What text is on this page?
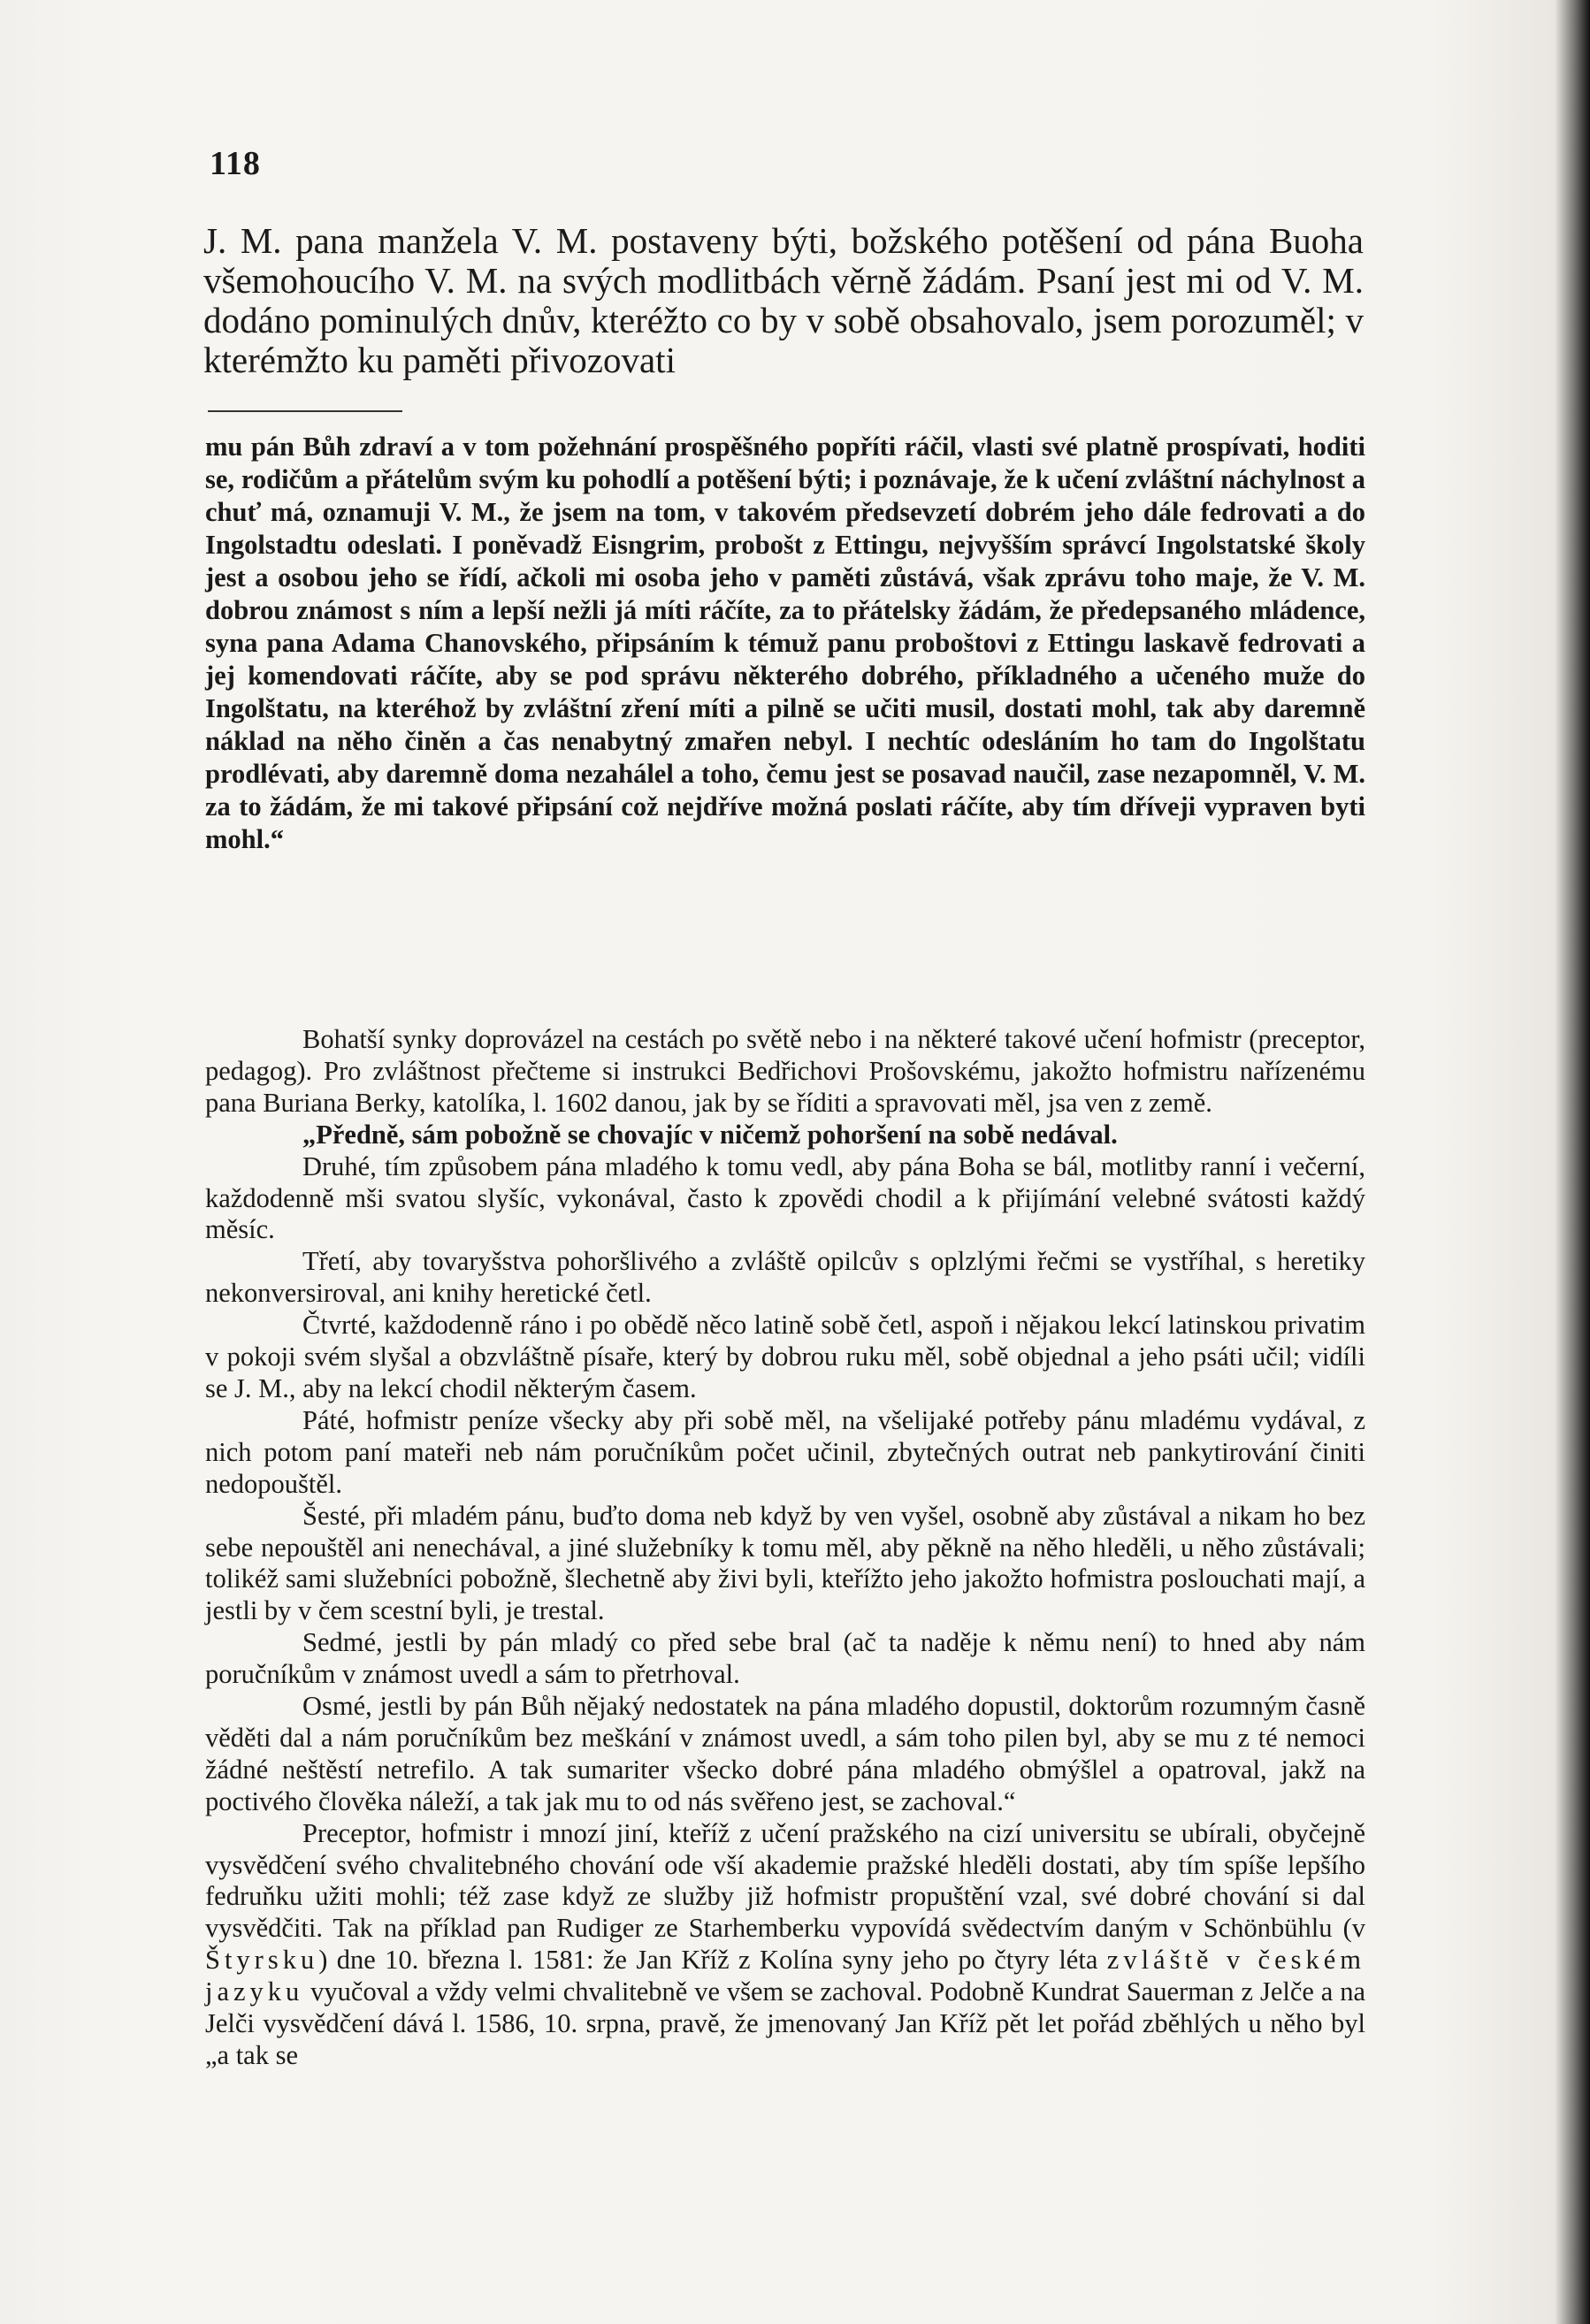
118

J. M. pana manžela V. M. postaveny býti, božského potěšení od pána Buoha všemohoucího V. M. na svých modlitbách věrně žádám. Psaní jest mi od V. M. dodáno pominulých dnův, kteréžto co by v sobě obsahovalo, jsem porozuměl; v kterémžto ku paměti přivozovati

mu pán Bůh zdraví a v tom požehnání prospěšného popříti ráčil, vlasti své platně prospívati, hoditi se, rodičům a přátelům svým ku pohodlí a potěšení býti; i poznávaje, že k učení zvláštní náchylnost a chuť má, oznamuji V. M., že jsem na tom, v takovém předsevzetí dobrém jeho dále fedrovati a do Ingolstadtu odeslati. I poněvadž Eisngrim, probošt z Ettingu, nejvyšším správcí Ingolstatské školy jest a osobou jeho se řídí, ačkoli mi osoba jeho v paměti zůstává, však zprávu toho maje, že V. M. dobrou známost s ním a lepší nežli já míti ráčíte, za to přátelsky žádám, že předepsaného mládence, syna pana Adama Chanovského, připsáním k témuž panu proboštovi z Ettingu laskavě fedrovati a jej komendovati ráčíte, aby se pod správu některého dobrého, příkladného a učeného muže do Ingolštatu, na kteréhož by zvláštní zření míti a pilně se učiti musil, dostati mohl, tak aby daremně náklad na něho činěn a čas nenabytný zmařen nebyl. I nechtíc odesláním ho tam do Ingolštatu prodlévati, aby daremně doma nezahálel a toho, čemu jest se posavad naučil, zase nezapomněl, V. M. za to žádám, že mi takové připsání což nejdříve možná poslati ráčíte, aby tím dříveji vypraven byti mohl.“

Bohatší synky doprovázel na cestách po světě nebo i na některé takové učení hofmistr (preceptor, pedagog). Pro zvláštnost přečteme si instrukci Bedřichovi Prošovskému, jakožto hofmistru nařízenému pana Buriana Berky, katolíka, l. 1602 danou, jak by se říditi a spravovati měl, jsa ven z země.

„Předně, sám pobožně se chovajíc v ničemž pohoršení na sobě nedával.

Druhé, tím způsobem pána mladého k tomu vedl, aby pána Boha se bál, motlitby ranní i večerní, každodenně mši svatou slyšíc, vykonával, často k zpovědi chodil a k přijímání velebné svátosti každý měsíc.

Třetí, aby tovaryšstva pohoršlivého a zvláště opilcův s oplzlými řečmi se vystříhal, s heretiky nekonversiroval, ani knihy heretické četl.

Čtvrté, každodenně ráno i po obědě něco latině sobě četl, aspoň i nějakou lekcí latinskou privatim v pokoji svém slyšal a obzvláštně písaře, který by dobrou ruku měl, sobě objednal a jeho psáti učil; vidíli se J. M., aby na lekcí chodil některým časem.

Páté, hofmistr peníze všecky aby při sobě měl, na všelijaké potřeby pánu mladému vydával, z nich potom paní mateři neb nám poručníkům počet učinil, zbytečných outrat neb pankytirování činiti nedopouštěl.

Šesté, při mladém pánu, buďto doma neb když by ven vyšel, osobně aby zůstával a nikam ho bez sebe nepouštěl ani nenechával, a jiné služebníky k tomu měl, aby pěkně na něho hleděli, u něho zůstávali; tolikéž sami služebníci pobožně, šlechetně aby živi byli, kteřížto jeho jakožto hofmistra poslouchati mají, a jestli by v čem scestní byli, je trestal.

Sedmé, jestli by pán mladý co před sebe bral (ač ta naděje k němu není) to hned aby nám poručníkům v známost uvedl a sám to přetrhoval.

Osmé, jestli by pán Bůh nějaký nedostatek na pána mladého dopustil, doktorům rozumným časně věděti dal a nám poručníkům bez meškání v známost uvedl, a sám toho pilen byl, aby se mu z té nemoci žádné neštěstí netrefilo. A tak sumariter všecko dobré pána mladého obmýšlel a opatroval, jakž na poctivého člověka náleží, a tak jak mu to od nás svěřeno jest, se zachoval.“

Preceptor, hofmistr i mnozí jiní, kteříž z učení pražského na cizí universitu se ubírali, obyčejně vysvědčení svého chvalitebného chování ode vší akademie pražské hleděli dostati, aby tím spíše lepšího fedruňku užiti mohli; též zase když ze služby již hofmistr propuštění vzal, své dobré chování si dal vysvědčiti. Tak na příklad pan Rudiger ze Starhemberku vypovídá svědectvím daným v Schönbühlu (v Štyrsku) dne 10. března l. 1581: že Jan Kříž z Kolína syny jeho po čtyry léta zvláště v českém jazyku vyučoval a vždy velmi chvalitebně ve všem se zachoval. Podobně Kundrat Sauerman z Jelče a na Jelči vysvědčení dává l. 1586, 10. srpna, pravě, že jmenovaný Jan Kříž pět let pořád zběhlých u něho byl „a tak se
